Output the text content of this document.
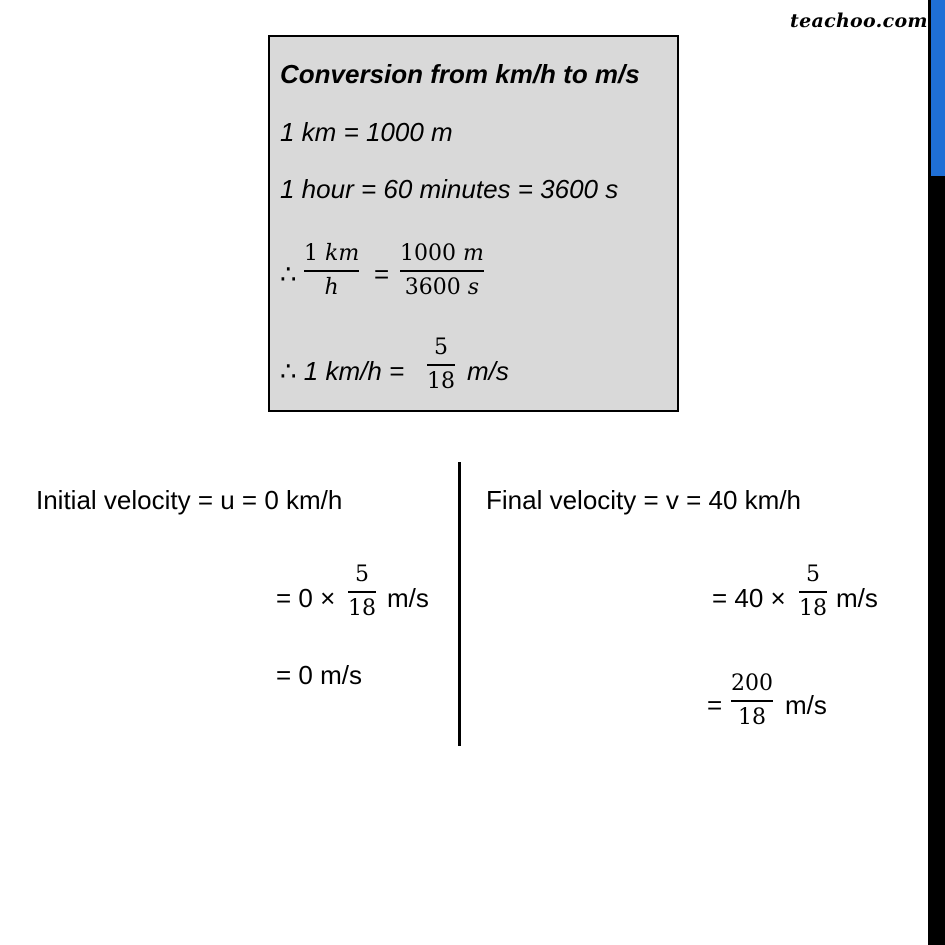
teachoo.com
Conversion from km/h to m/s
1 km = 1000 m
1 hour = 60 minutes = 3600 s
∴
1 km
h =
1000 m
3600 s
∴ 1 km/h =
5
18 m/s
Initial velocity = u = 0 km/h
= 0 ×
5
18 m/s
= 0 m/s
Final velocity = v = 40 km/h
= 40 ×
5
18 m/s
=
200
18 m/s
